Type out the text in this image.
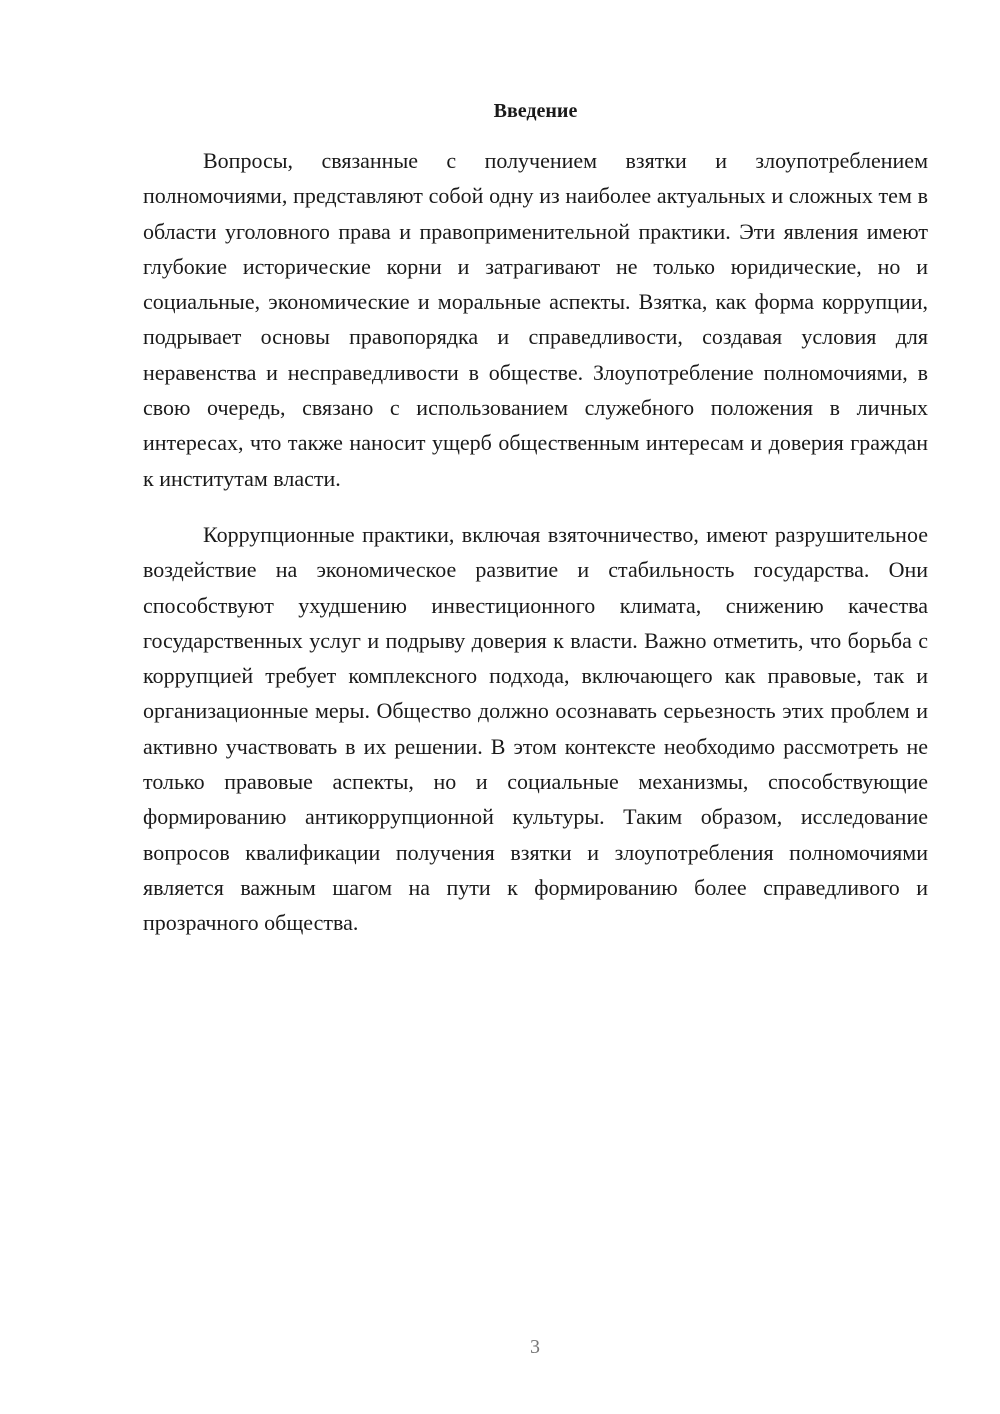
Введение

Вопросы, связанные с получением взятки и злоупотреблением полномочиями, представляют собой одну из наиболее актуальных и сложных тем в области уголовного права и правоприменительной практики. Эти явления имеют глубокие исторические корни и затрагивают не только юридические, но и социальные, экономические и моральные аспекты. Взятка, как форма коррупции, подрывает основы правопорядка и справедливости, создавая условия для неравенства и несправедливости в обществе. Злоупотребление полномочиями, в свою очередь, связано с использованием служебного положения в личных интересах, что также наносит ущерб общественным интересам и доверия граждан к институтам власти.

Коррупционные практики, включая взяточничество, имеют разрушительное воздействие на экономическое развитие и стабильность государства. Они способствуют ухудшению инвестиционного климата, снижению качества государственных услуг и подрыву доверия к власти. Важно отметить, что борьба с коррупцией требует комплексного подхода, включающего как правовые, так и организационные меры. Общество должно осознавать серьезность этих проблем и активно участвовать в их решении. В этом контексте необходимо рассмотреть не только правовые аспекты, но и социальные механизмы, способствующие формированию антикоррупционной культуры. Таким образом, исследование вопросов квалификации получения взятки и злоупотребления полномочиями является важным шагом на пути к формированию более справедливого и прозрачного общества.

3
